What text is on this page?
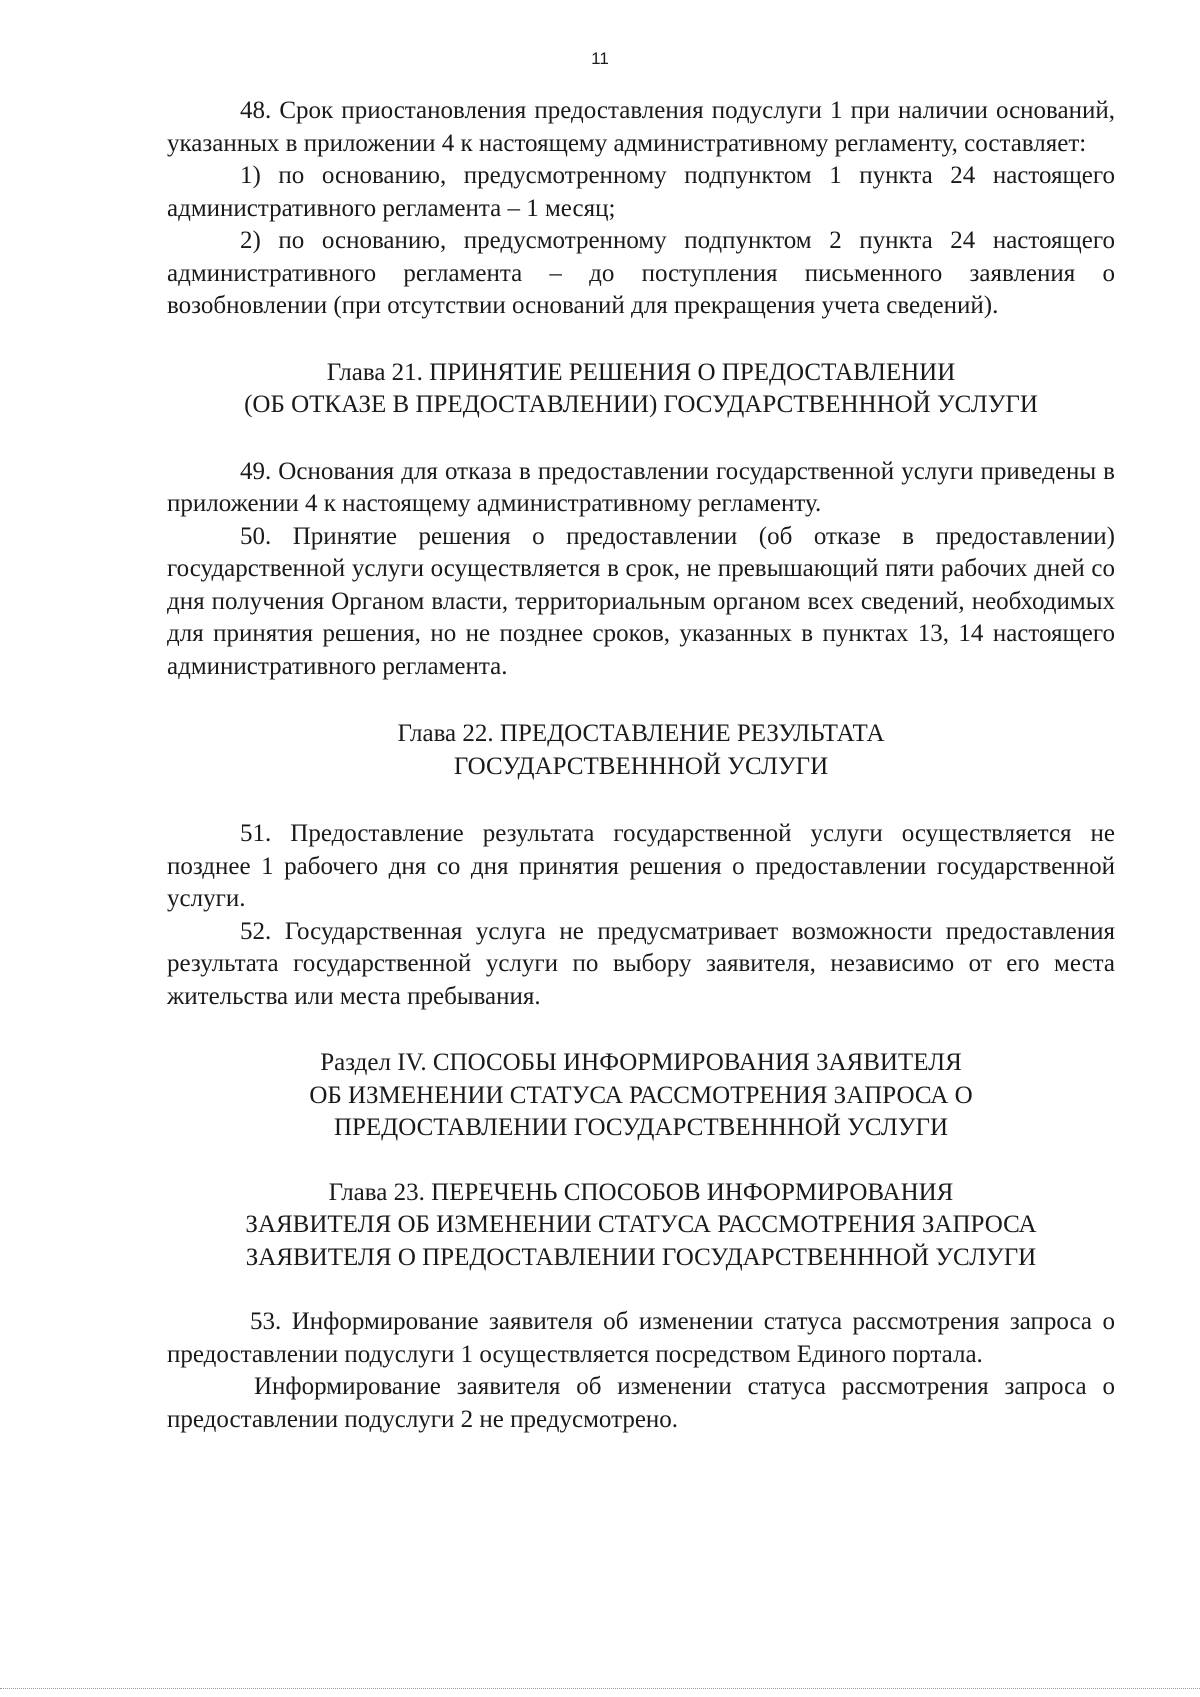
11

48. Срок приостановления предоставления подуслуги 1 при наличии оснований, указанных в приложении 4 к настоящему административному регламенту, составляет:

1) по основанию, предусмотренному подпунктом 1 пункта 24 настоящего административного регламента – 1 месяц;

2) по основанию, предусмотренному подпунктом 2 пункта 24 настоящего административного регламента – до поступления письменного заявления о возобновлении (при отсутствии оснований для прекращения учета сведений).

Глава 21. ПРИНЯТИЕ РЕШЕНИЯ О ПРЕДОСТАВЛЕНИИ
(ОБ ОТКАЗЕ В ПРЕДОСТАВЛЕНИИ) ГОСУДАРСТВЕНННОЙ УСЛУГИ

49. Основания для отказа в предоставлении государственной услуги приведены в приложении 4 к настоящему административному регламенту.

50. Принятие решения о предоставлении (об отказе в предоставлении) государственной услуги осуществляется в срок, не превышающий пяти рабочих дней со дня получения Органом власти, территориальным органом всех сведений, необходимых для принятия решения, но не позднее сроков, указанных в пунктах 13, 14 настоящего административного регламента.

Глава 22. ПРЕДОСТАВЛЕНИЕ РЕЗУЛЬТАТА
ГОСУДАРСТВЕНННОЙ УСЛУГИ

51. Предоставление результата государственной услуги осуществляется не позднее 1 рабочего дня со дня принятия решения о предоставлении государственной услуги.

52. Государственная услуга не предусматривает возможности предоставления результата государственной услуги по выбору заявителя, независимо от его места жительства или места пребывания.

Раздел IV. СПОСОБЫ ИНФОРМИРОВАНИЯ ЗАЯВИТЕЛЯ
ОБ ИЗМЕНЕНИИ СТАТУСА РАССМОТРЕНИЯ ЗАПРОСА О
ПРЕДОСТАВЛЕНИИ ГОСУДАРСТВЕНННОЙ УСЛУГИ
Глава 23. ПЕРЕЧЕНЬ СПОСОБОВ ИНФОРМИРОВАНИЯ
ЗАЯВИТЕЛЯ ОБ ИЗМЕНЕНИИ СТАТУСА РАССМОТРЕНИЯ ЗАПРОСА
ЗАЯВИТЕЛЯ О ПРЕДОСТАВЛЕНИИ ГОСУДАРСТВЕНННОЙ УСЛУГИ

53. Информирование заявителя об изменении статуса рассмотрения запроса о предоставлении подуслуги 1 осуществляется посредством Единого портала.

Информирование заявителя об изменении статуса рассмотрения запроса о предоставлении подуслуги 2 не предусмотрено.
